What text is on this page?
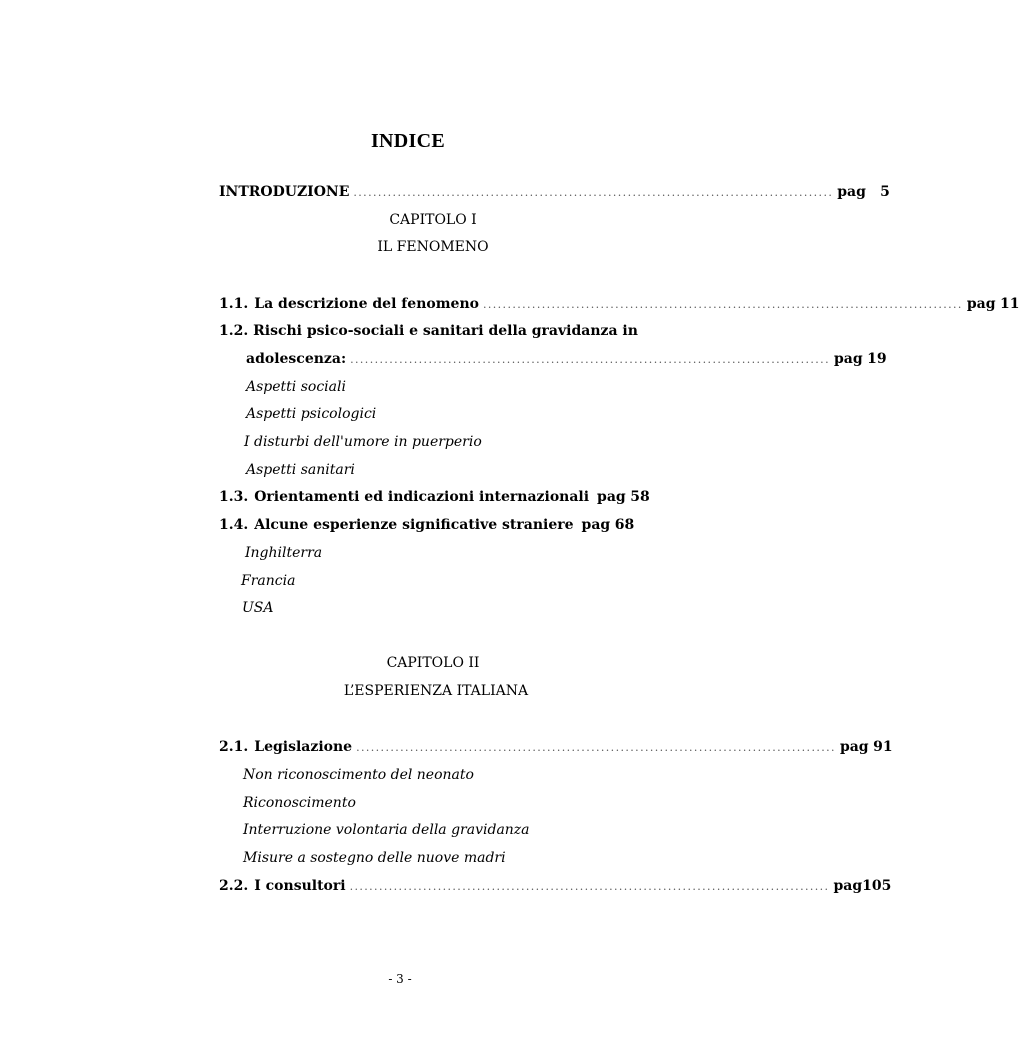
INDICE
INTRODUZIONE .................................................................................................. pag	5
CAPITOLO I
IL FENOMENO
1.1. La descrizione del fenomeno .................................................................................................. pag 11
1.2. Rischi psico-sociali e sanitari della gravidanza in
adolescenza: .................................................................................................. pag 19
Aspetti sociali
Aspetti psicologici
I disturbi dell'umore in puerperio
Aspetti sanitari
1.3. Orientamenti ed indicazioni internazionali pag 58
1.4. Alcune esperienze significative straniere pag 68
Inghilterra
Francia
USA
CAPITOLO II
L’ESPERIENZA ITALIANA
2.1. Legislazione .................................................................................................. pag 91
Non riconoscimento del neonato
Riconoscimento
Interruzione volontaria della gravidanza
Misure a sostegno delle nuove madri
2.2. I consultori .................................................................................................. pag 105
- 3 -
